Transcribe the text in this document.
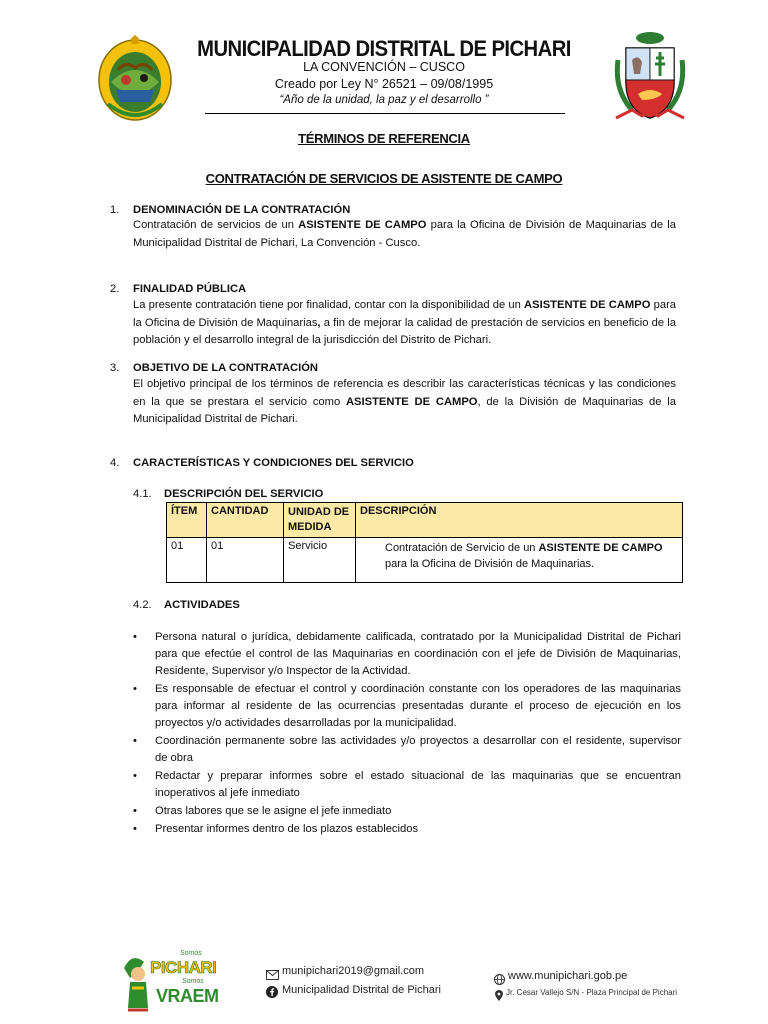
MUNICIPALIDAD DISTRITAL DE PICHARI
LA CONVENCIÓN – CUSCO
Creado por Ley N° 26521 – 09/08/1995
“Año de la unidad, la paz y el desarrollo ”
TÉRMINOS DE REFERENCIA
CONTRATACIÓN DE SERVICIOS DE ASISTENTE DE CAMPO
1. DENOMINACIÓN DE LA CONTRATACIÓN
Contratación de servicios de un ASISTENTE DE CAMPO para la Oficina de División de Maquinarias de la Municipalidad Distrital de Pichari, La Convención - Cusco.
2. FINALIDAD PÚBLICA
La presente contratación tiene por finalidad, contar con la disponibilidad de un ASISTENTE DE CAMPO para la Oficina de División de Maquinarias, a fin de mejorar la calidad de prestación de servicios en beneficio de la población y el desarrollo integral de la jurisdicción del Distrito de Pichari.
3. OBJETIVO DE LA CONTRATACIÓN
El objetivo principal de los términos de referencia es describir las características técnicas y las condiciones en la que se prestara el servicio como ASISTENTE DE CAMPO, de la División de Maquinarias de la Municipalidad Distrital de Pichari.
4. CARACTERÍSTICAS Y CONDICIONES DEL SERVICIO
4.1. DESCRIPCIÓN DEL SERVICIO
ÍTEM	CANTIDAD	UNIDAD DE MEDIDA	DESCRIPCIÓN
01	01	Servicio	Contratación de Servicio de un ASISTENTE DE CAMPO para la Oficina de División de Maquinarias.
4.2. ACTIVIDADES
• Persona natural o jurídica, debidamente calificada, contratado por la Municipalidad Distrital de Pichari para que efectúe el control de las Maquinarias en coordinación con el jefe de División de Maquinarias, Residente, Supervisor y/o Inspector de la Actividad.
• Es responsable de efectuar el control y coordinación constante con los operadores de las maquinarias para informar al residente de las ocurrencias presentadas durante el proceso de ejecución en los proyectos y/o actividades desarrolladas por la municipalidad.
• Coordinación permanente sobre las actividades y/o proyectos a desarrollar con el residente, supervisor de obra
• Redactar y preparar informes sobre el estado situacional de las maquinarias que se encuentran inoperativos al jefe inmediato
• Otras labores que se le asigne el jefe inmediato
• Presentar informes dentro de los plazos establecidos
Somos
PICHARI
Somos
VRAEM
munipichari2019@gmail.com
Municipalidad Distrital de Pichari
www.munipichari.gob.pe
Jr. Cesar Vallejo S/N - Plaza Principal de Pichari
